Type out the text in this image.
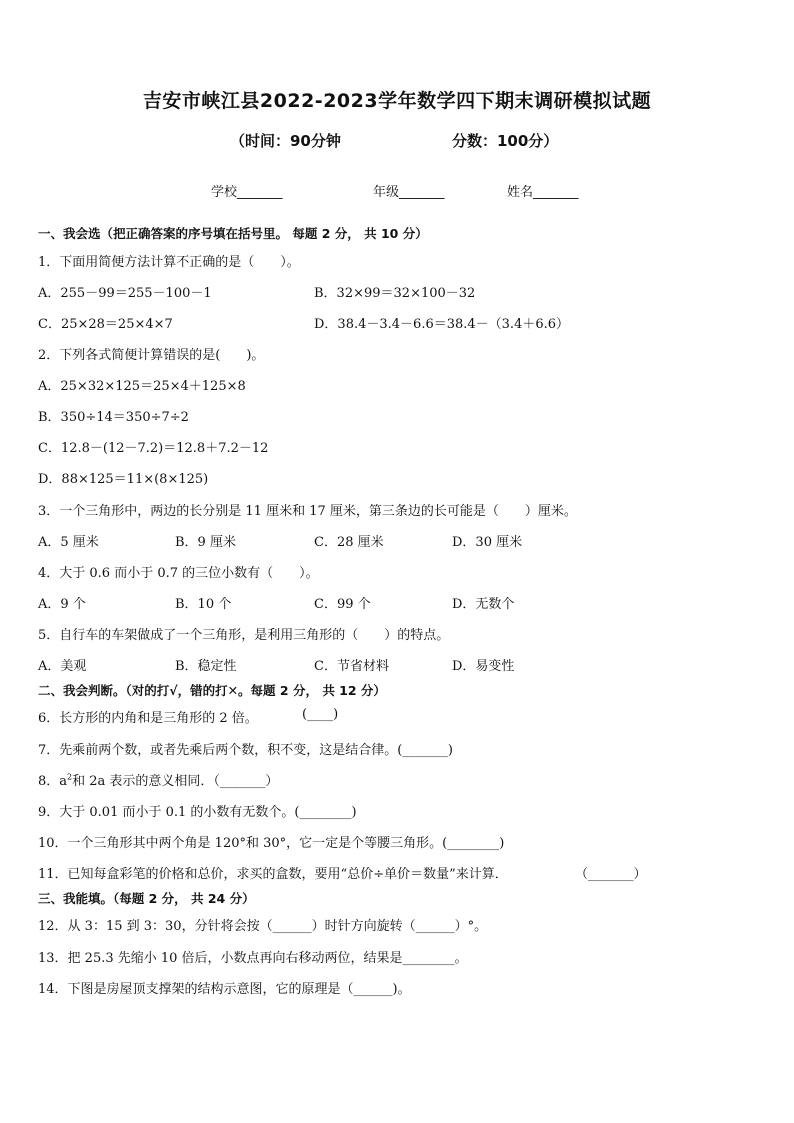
吉安市峡江县2022-2023学年数学四下期末调研模拟试题
（时间：90分钟	分数：100分）
学校_______	年级_______	姓名_______
一、我会选（把正确答案的序号填在括号里。 每题 2 分， 共 10 分）
1．下面用简便方法计算不正确的是（　　）。
A．255－99＝255－100－1	B．32×99＝32×100－32
C．25×28＝25×4×7	D．38.4－3.4－6.6＝38.4－（3.4＋6.6）
2．下列各式简便计算错误的是(　　)。
A．25×32×125＝25×4＋125×8
B．350÷14＝350÷7÷2
C．12.8－(12－7.2)＝12.8＋7.2－12
D．88×125＝11×(8×125)
3．一个三角形中，两边的长分别是 11 厘米和 17 厘米，第三条边的长可能是（　　）厘米。
A．5 厘米	B．9 厘米	C．28 厘米	D．30 厘米
4．大于 0.6 而小于 0.7 的三位小数有（　　）。
A．9 个	B．10 个	C．99 个	D．无数个
5．自行车的车架做成了一个三角形，是利用三角形的（　　）的特点。
A．美观	B．稳定性	C．节省材料	D．易变性
二、我会判断。（对的打√，错的打✕。每题 2 分， 共 12 分）
6．长方形的内角和是三角形的 2 倍。	(____)
7．先乘前两个数，或者先乘后两个数，积不变，这是结合律。(_______)
8．$a^2$和 2a 表示的意义相同．（_______）
9．大于 0.01 而小于 0.1 的小数有无数个。(________)
10．一个三角形其中两个角是 120°和 30°，它一定是个等腰三角形。(________)
11．已知每盒彩笔的价格和总价，求买的盒数，要用“总价÷单价＝数量”来计算．	（_______）
三、我能填。（每题 2 分， 共 24 分）
12．从 3：15 到 3：30，分针将会按（______）时针方向旋转（______）°。
13．把 25.3 先缩小 10 倍后，小数点再向右移动两位，结果是________。
14．下图是房屋顶支撑架的结构示意图，它的原理是（______)。
